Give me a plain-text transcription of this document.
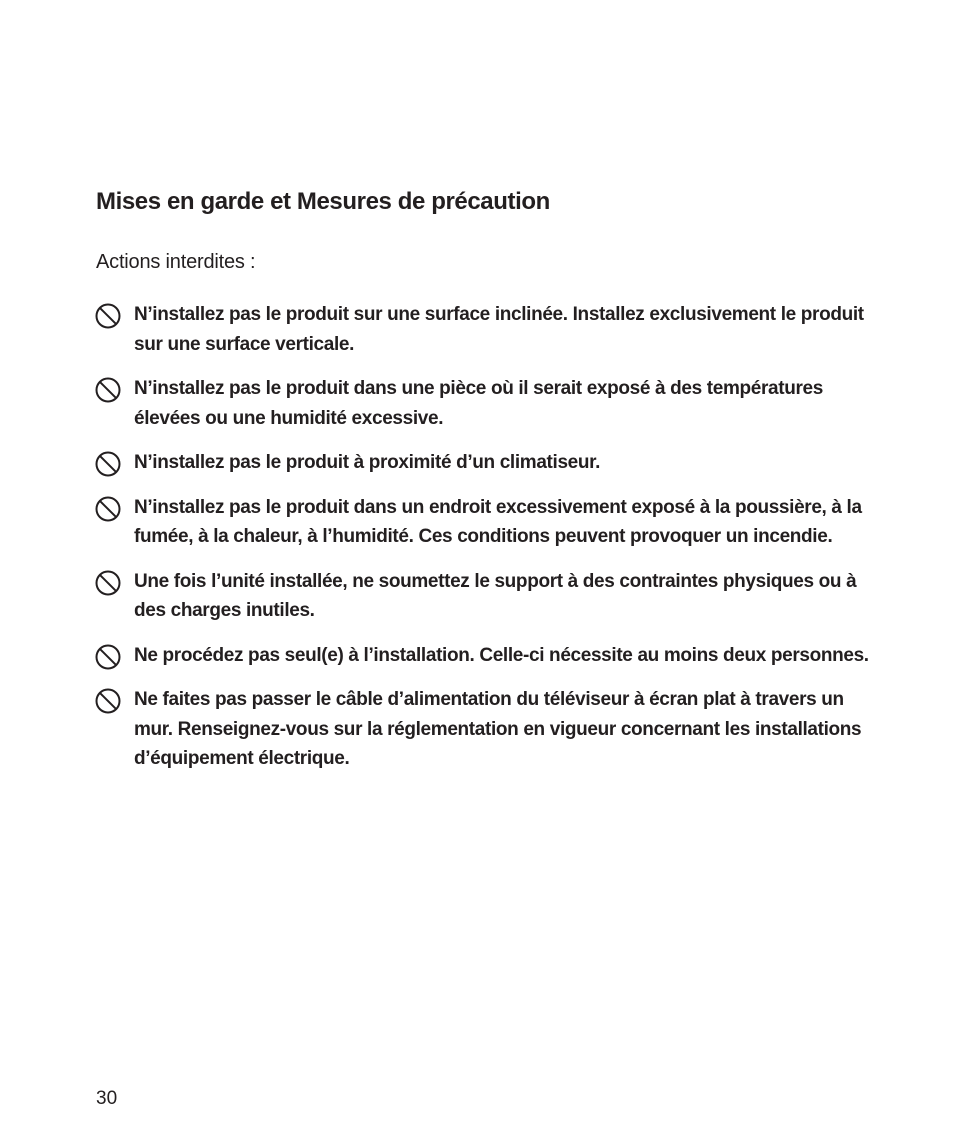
Mises en garde et Mesures de précaution
Actions interdites :
N’installez pas le produit sur une surface inclinée. Installez exclusivement le produit sur une surface verticale.
N’installez pas le produit dans une pièce où il serait exposé à des températures élevées ou une humidité excessive.
N’installez pas le produit à proximité d’un climatiseur.
N’installez pas le produit dans un endroit excessivement exposé à la poussière, à la fumée, à la chaleur, à l’humidité. Ces conditions peuvent provoquer un incendie.
Une fois l’unité installée, ne soumettez le support à des contraintes physiques ou à des charges inutiles.
Ne procédez pas seul(e) à l’installation. Celle-ci nécessite au moins deux personnes.
Ne faites pas passer le câble d’alimentation du téléviseur à écran plat à travers un mur. Renseignez-vous sur la réglementation en vigueur concernant les installations d’équipement électrique.
30
